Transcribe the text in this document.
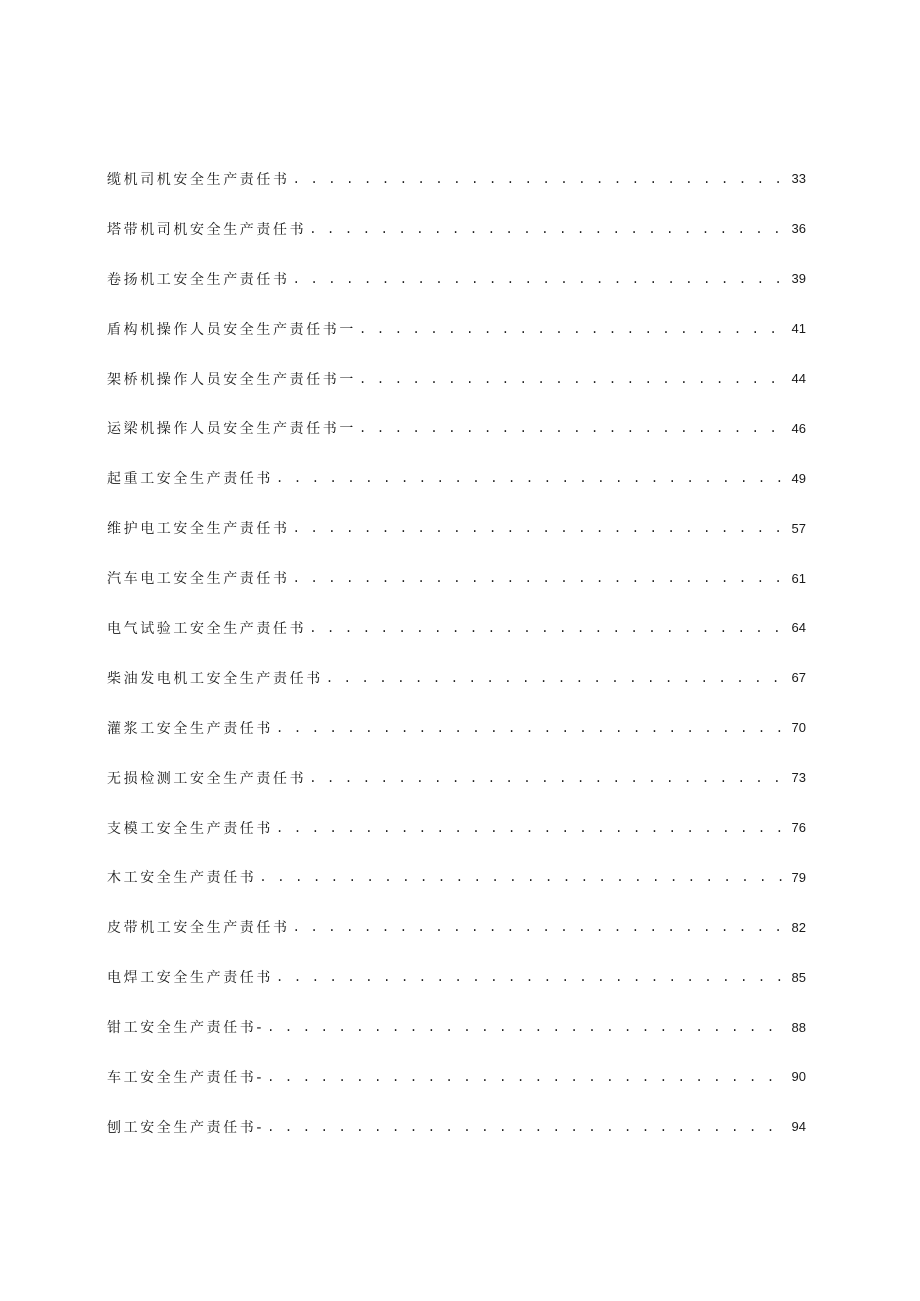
缆机司机安全生产责任书 . . .	33
塔带机司机安全生产责任书 . . .	36
卷扬机工安全生产责任书 . . .	39
盾构机操作人员安全生产责任书一 . . .	41
架桥机操作人员安全生产责任书一 . . .	44
运梁机操作人员安全生产责任书一 . . .	46
起重工安全生产责任书 . . .	49
维护电工安全生产责任书 . . .	57
汽车电工安全生产责任书 . . .	61
电气试验工安全生产责任书 . . .	64
柴油发电机工安全生产责任书 . . .	67
灌浆工安全生产责任书 . . .	70
无损检测工安全生产责任书 . . .	73
支模工安全生产责任书 . . .	76
木工安全生产责任书 . . .	79
皮带机工安全生产责任书 . . .	82
电焊工安全生产责任书 . . .	85
钳工安全生产责任书- . . .	88
车工安全生产责任书- . . .	90
刨工安全生产责任书- . . .	94
